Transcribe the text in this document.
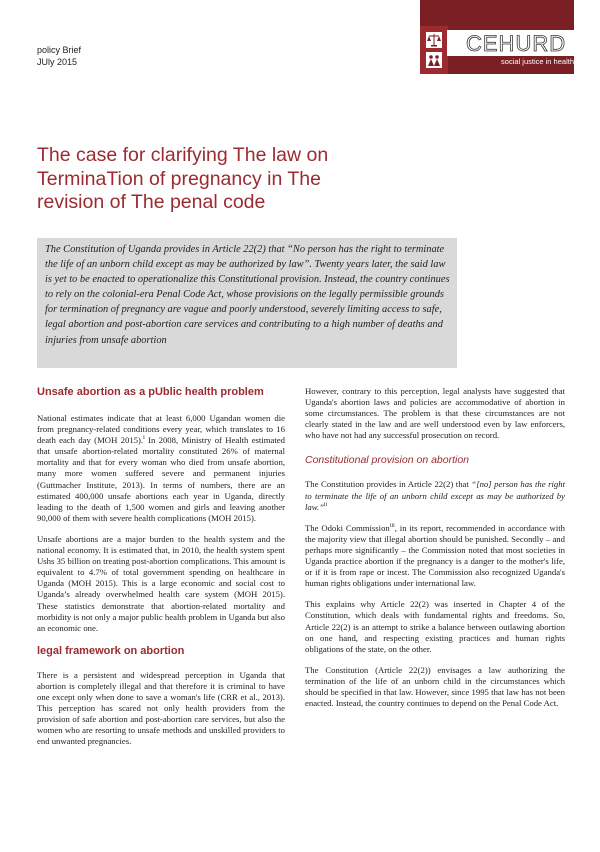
policy Brief
JUly 2015
CEHURD
social justice in health
The case for clarifying The law on TerminaTion of pregnancy in The revision of The penal code

The Constitution of Uganda provides in Article 22(2) that “No person has the right to terminate the life of an unborn child except as may be authorized by law”. Twenty years later, the said law is yet to be enacted to operationalize this Constitutional provision. Instead, the country continues to rely on the colonial-era Penal Code Act, whose provisions on the legally permissible grounds for termination of pregnancy are vague and poorly understood, severely limiting access to safe, legal abortion and post-abortion care services and contributing to a high number of deaths and injuries from unsafe abortion

Unsafe abortion as a pUblic health problem

National estimates indicate that at least 6,000 Ugandan women die from pregnancy-related conditions every year, which translates to 16 death each day (MOH 2015).$^i$ In 2008, Ministry of Health estimated that unsafe abortion-related mortality constituted 26% of maternal mortality and that for every woman who died from unsafe abortion, many more women suffered severe and permanent injuries (Guttmacher Institute, 2013). In terms of numbers, there are an estimated 400,000 unsafe abortions each year in Uganda, directly leading to the death of 1,500 women and girls and leaving another 90,000 of them with severe health complications (MOH 2015).

Unsafe abortions are a major burden to the health system and the national economy. It is estimated that, in 2010, the health system spent Ushs 35 billion on treating post-abortion complications. This amount is equivalent to 4.7% of total government spending on healthcare in Uganda (MOH 2015). This is a large economic and social cost to Uganda’s already overwhelmed health care system (MOH 2015). These statistics demonstrate that abortion-related mortality and morbidity is not only a major public health problem in Uganda but also an economic one.

legal framework on abortion

There is a persistent and widespread perception in Uganda that abortion is completely illegal and that therefore it is criminal to have one except only when done to save a woman's life (CRR et al., 2013). This perception has scared not only health providers from the provision of safe abortion and post-abortion care services, but also the women who are resorting to unsafe methods and unskilled providers to end unwanted pregnancies.

However, contrary to this perception, legal analysts have suggested that Uganda's abortion laws and policies are accommodative of abortion in some circumstances. The problem is that these circumstances are not clearly stated in the law and are well understood even by law enforcers, who have not had any successful prosecution on record.

Constitutional provision on abortion

The Constitution provides in Article 22(2) that “[no] person has the right to terminate the life of an unborn child except as may be authorized by law.”$^{ii}$

The Odoki Commission$^{iii}$, in its report, recommended in accordance with the majority view that illegal abortion should be punished. Secondly – and perhaps more significantly – the Commission noted that most societies in Uganda practice abortion if the pregnancy is a danger to the mother's life, or if it is from rape or incest. The Commission also recognized Uganda's human rights obligations under international law.

This explains why Article 22(2) was inserted in Chapter 4 of the Constitution, which deals with fundamental rights and freedoms. So, Article 22(2) is an attempt to strike a balance between outlawing abortion on one hand, and respecting existing practices and human rights obligations of the state, on the other.

The Constitution (Article 22(2)) envisages a law authorizing the termination of the life of an unborn child in the circumstances which should be specified in that law. However, since 1995 that law has not been enacted. Instead, the country continues to depend on the Penal Code Act.
